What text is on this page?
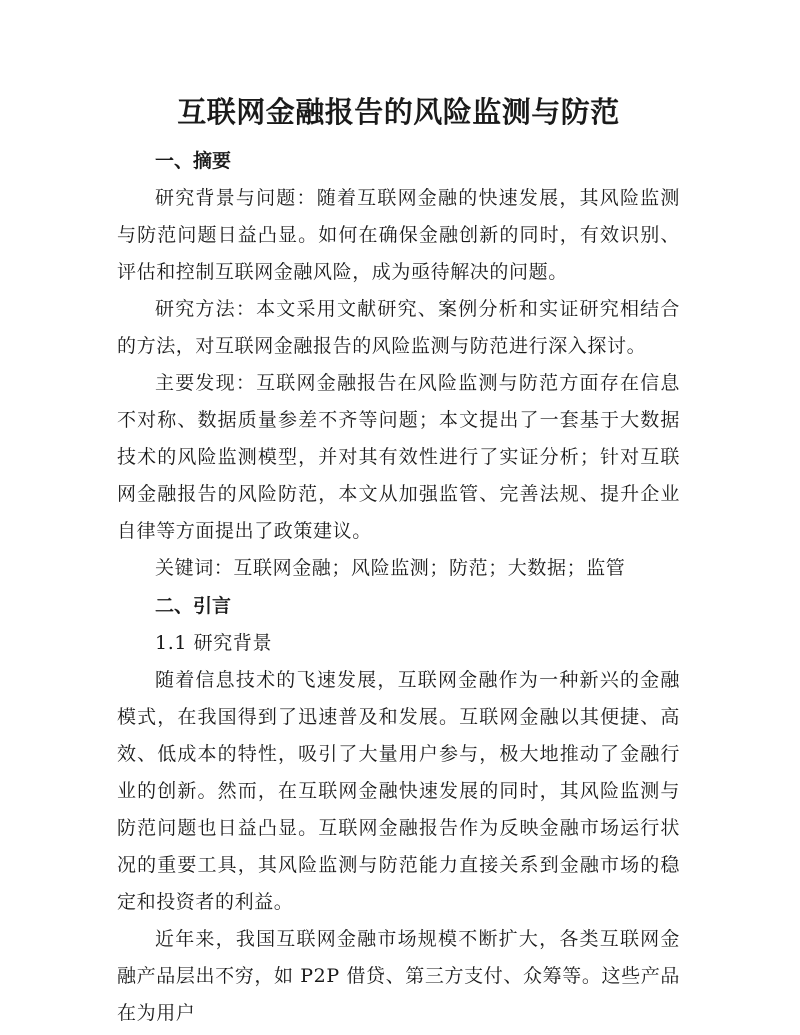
互联网金融报告的风险监测与防范
一、摘要

研究背景与问题：随着互联网金融的快速发展，其风险监测与防范问题日益凸显。如何在确保金融创新的同时，有效识别、评估和控制互联网金融风险，成为亟待解决的问题。

研究方法：本文采用文献研究、案例分析和实证研究相结合的方法，对互联网金融报告的风险监测与防范进行深入探讨。

主要发现：互联网金融报告在风险监测与防范方面存在信息不对称、数据质量参差不齐等问题；本文提出了一套基于大数据技术的风险监测模型，并对其有效性进行了实证分析；针对互联网金融报告的风险防范，本文从加强监管、完善法规、提升企业自律等方面提出了政策建议。

关键词：互联网金融；风险监测；防范；大数据；监管

二、引言
1.1 研究背景

随着信息技术的飞速发展，互联网金融作为一种新兴的金融模式，在我国得到了迅速普及和发展。互联网金融以其便捷、高效、低成本的特性，吸引了大量用户参与，极大地推动了金融行业的创新。然而，在互联网金融快速发展的同时，其风险监测与防范问题也日益凸显。互联网金融报告作为反映金融市场运行状况的重要工具，其风险监测与防范能力直接关系到金融市场的稳定和投资者的利益。

近年来，我国互联网金融市场规模不断扩大，各类互联网金融产品层出不穷，如 P2P 借贷、第三方支付、众筹等。这些产品在为用户
